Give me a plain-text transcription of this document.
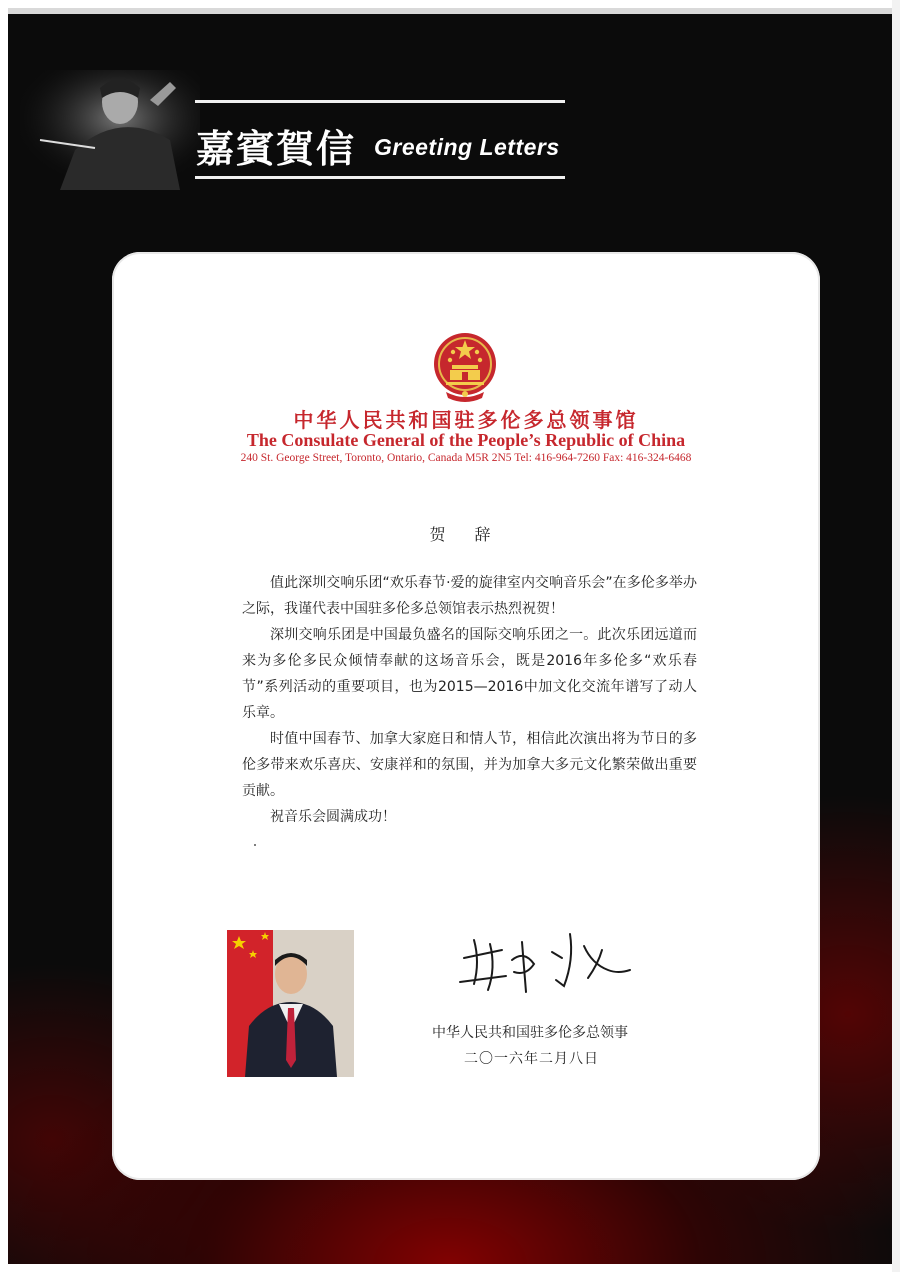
嘉賓賀信 Greeting Letters
中华人民共和国驻多伦多总领事馆
The Consulate General of the People’s Republic of China
240 St. George Street, Toronto, Ontario, Canada M5R 2N5 Tel: 416-964-7260 Fax: 416-324-6468
贺 辞

值此深圳交响乐团“欢乐春节·爱的旋律室内交响音乐会”在多伦多举办之际，我谨代表中国驻多伦多总领馆表示热烈祝贺！

深圳交响乐团是中国最负盛名的国际交响乐团之一。此次乐团远道而来为多伦多民众倾情奉献的这场音乐会，既是2016年多伦多“欢乐春节”系列活动的重要项目，也为2015—2016中加文化交流年谱写了动人乐章。

时值中国春节、加拿大家庭日和情人节，相信此次演出将为节日的多伦多带来欢乐喜庆、安康祥和的氛围，并为加拿大多元文化繁荣做出重要贡献。

祝音乐会圆满成功！

中华人民共和国驻多伦多总领事
二〇一六年二月八日
